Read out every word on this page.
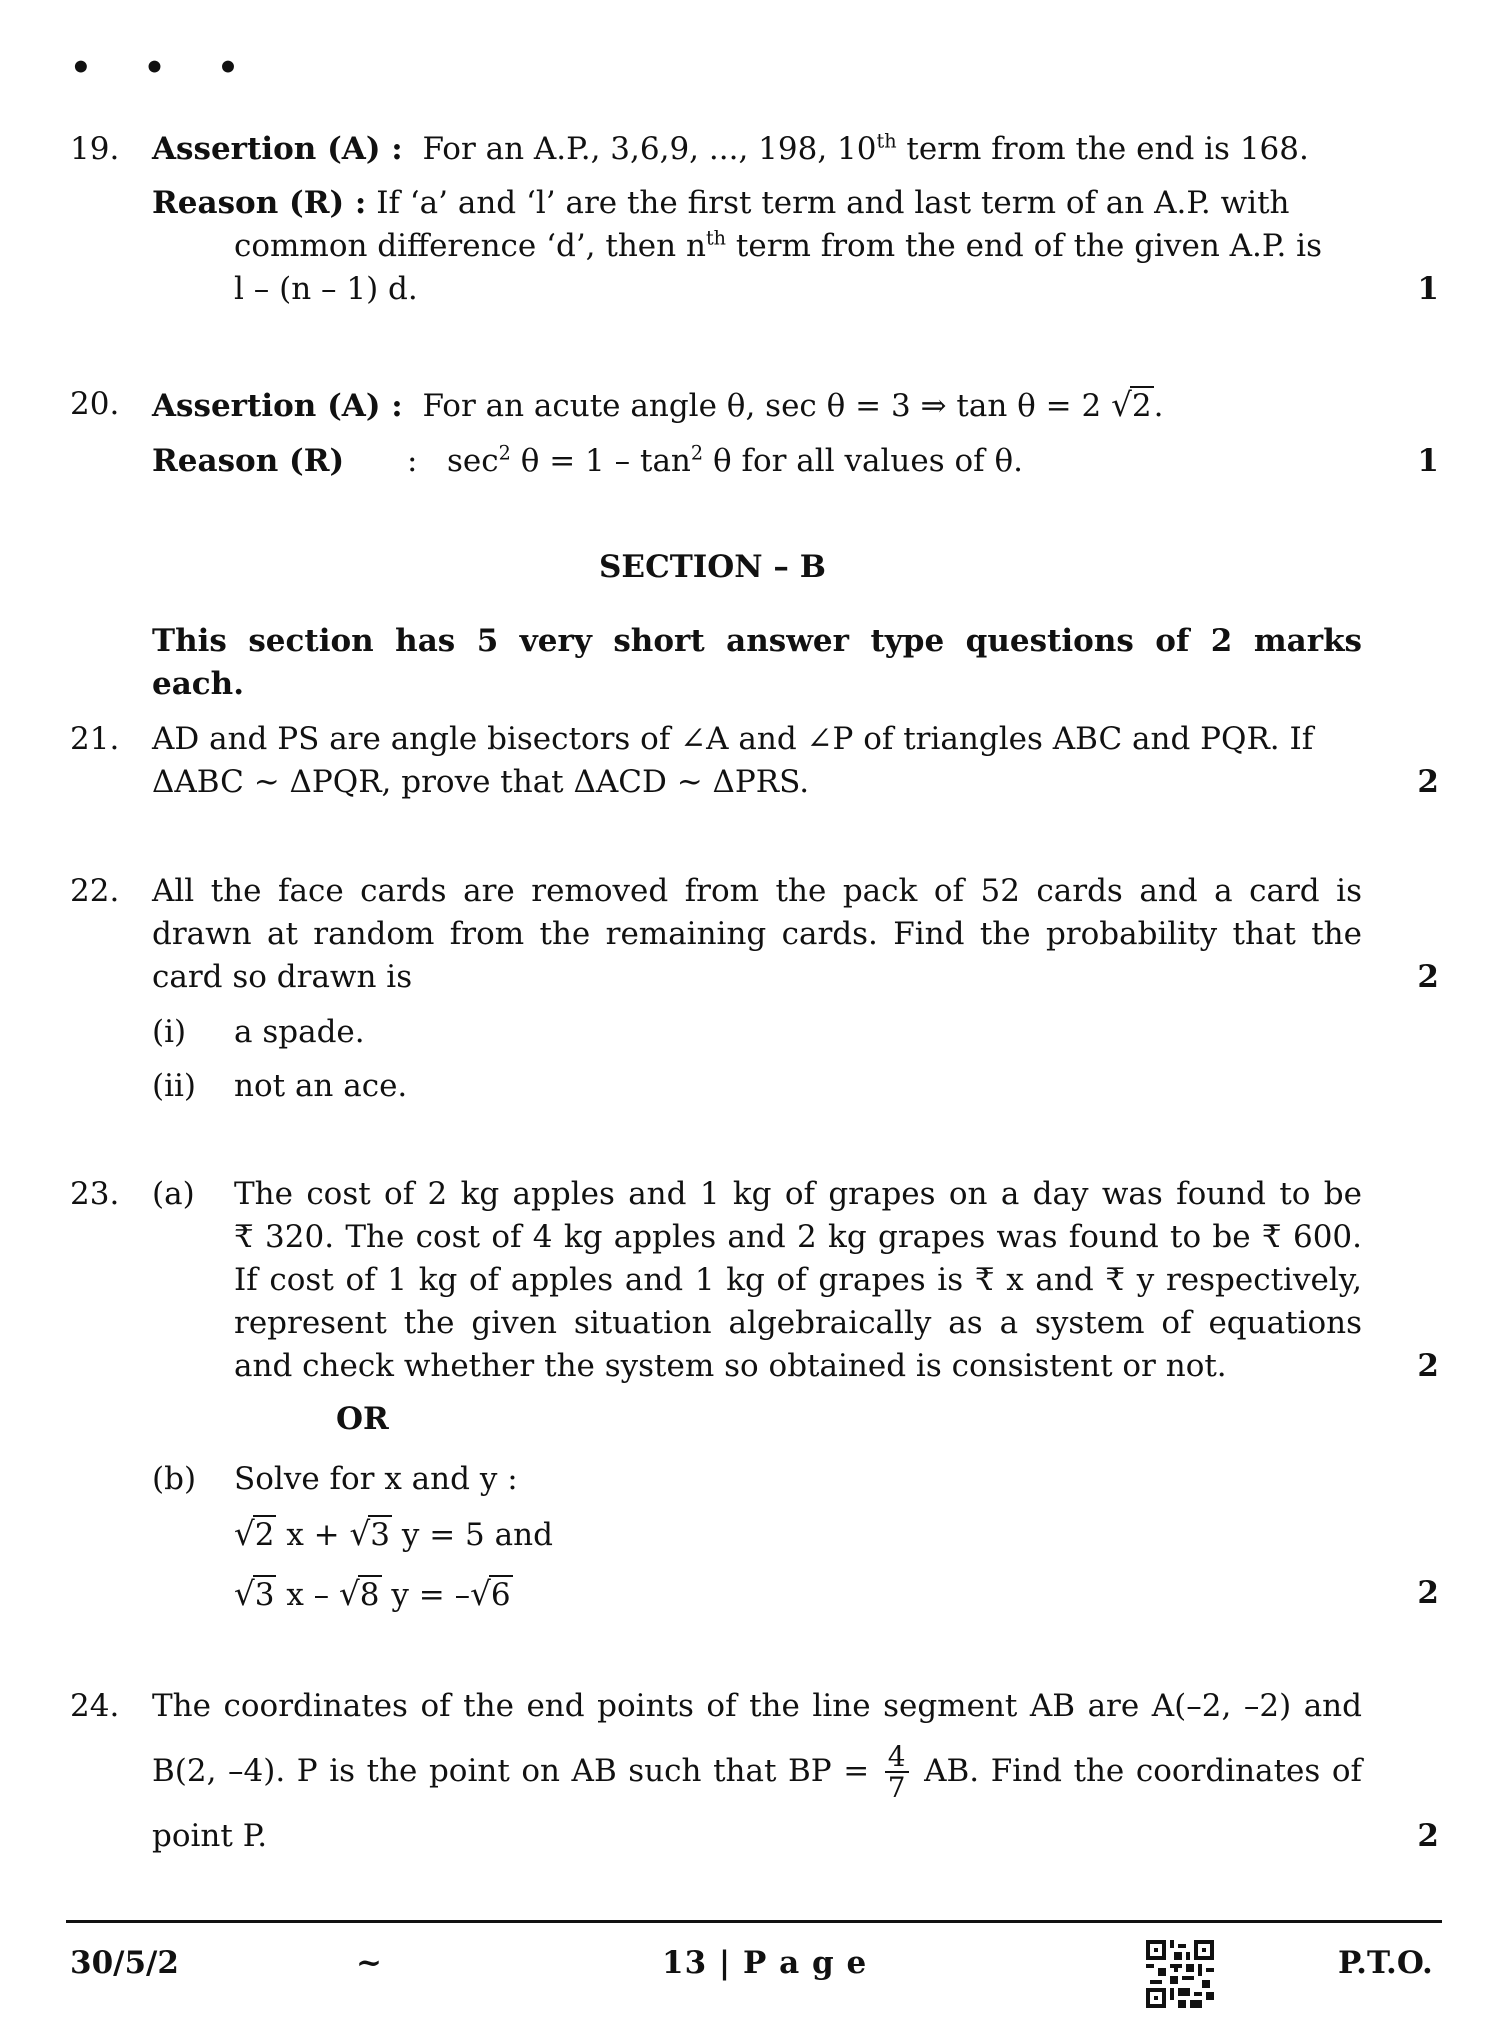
• • •
19.	Assertion (A) : For an A.P., 3,6,9, ..., 198, 10th term from the end is 168.
Reason (R) : If ‘a’ and ‘l’ are the first term and last term of an A.P. with
common difference ‘d’, then $n^{th}$ term from the end of the given A.P. is
l – (n – 1) d.	1
20.	Assertion (A) : For an acute angle θ, sec θ = 3 ⇒ tan θ = 2 √2.
Reason (R) : $\sec^2 \theta = 1 - \tan^2 \theta$ for all values of θ.	1
SECTION – B
This section has 5 very short answer type questions of 2 marks
each.
21.	AD and PS are angle bisectors of ∠A and ∠P of triangles ABC and PQR. If
ΔABC ~ ΔPQR, prove that ΔACD ~ ΔPRS.	2
22.	All the face cards are removed from the pack of 52 cards and a card is
drawn at random from the remaining cards. Find the probability that the
card so drawn is	2
(i) a spade.
(ii) not an ace.
23.	(a) The cost of 2 kg apples and 1 kg of grapes on a day was found to be
₹ 320. The cost of 4 kg apples and 2 kg grapes was found to be ₹ 600.
If cost of 1 kg of apples and 1 kg of grapes is ₹ x and ₹ y respectively,
represent the given situation algebraically as a system of equations
and check whether the system so obtained is consistent or not.	2
OR
(b) Solve for x and y :
√2 x + √3 y = 5 and
√3 x – √8 y = –√6	2
24.	The coordinates of the end points of the line segment AB are A(–2, –2) and
B(2, –4). P is the point on AB such that BP = $\frac{4}{7}$ AB. Find the coordinates of
point P.	2
30/5/2	~	13 | P a g e	P.T.O.
